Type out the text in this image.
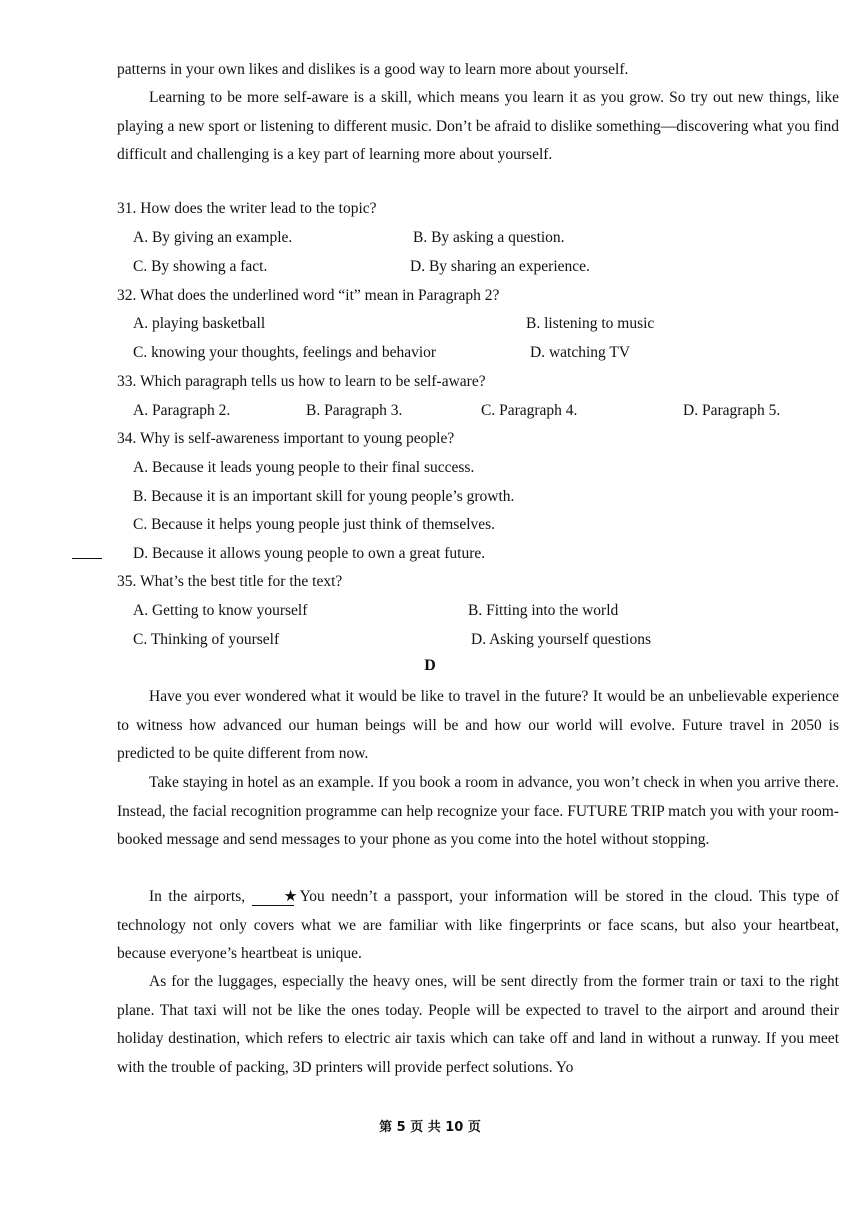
patterns in your own likes and dislikes is a good way to learn more about yourself.

Learning to be more self-aware is a skill, which means you learn it as you grow. So try out new things, like playing a new sport or listening to different music. Don’t be afraid to dislike something—discovering what you find difficult and challenging is a key part of learning more about yourself.

31. How does the writer lead to the topic?

A. By giving an example.	B. By asking a question.

C. By showing a fact.	D. By sharing an experience.

32. What does the underlined word “it” mean in Paragraph 2?

A. playing basketball	B. listening to music

C. knowing your thoughts, feelings and behavior	D. watching TV

33. Which paragraph tells us how to learn to be self-aware?

A. Paragraph 2.	B. Paragraph 3.	C. Paragraph 4.	D. Paragraph 5.

34. Why is self-awareness important to young people?

A. Because it leads young people to their final success.

B. Because it is an important skill for young people’s growth.

C. Because it helps young people just think of themselves.

D. Because it allows young people to own a great future.

35. What’s the best title for the text?

A. Getting to know yourself	B. Fitting into the world

C. Thinking of yourself	D. Asking yourself questions

D

Have you ever wondered what it would be like to travel in the future? It would be an unbelievable experience to witness how advanced our human beings will be and how our world will evolve. Future travel in 2050 is predicted to be quite different from now.

Take staying in hotel as an example. If you book a room in advance, you won’t check in when you arrive there. Instead, the facial recognition programme can help recognize your face. FUTURE TRIP match you with your room-booked message and send messages to your phone as you come into the hotel without stopping.

In the airports, ★ You needn’t a passport, your information will be stored in the cloud. This type of technology not only covers what we are familiar with like fingerprints or face scans, but also your heartbeat, because everyone’s heartbeat is unique.

As for the luggages, especially the heavy ones, will be sent directly from the former train or taxi to the right plane. That taxi will not be like the ones today. People will be expected to travel to the airport and around their holiday destination, which refers to electric air taxis which can take off and land in without a runway. If you meet with the trouble of packing, 3D printers will provide perfect solutions. Yo

第 5 页 共 10 页
